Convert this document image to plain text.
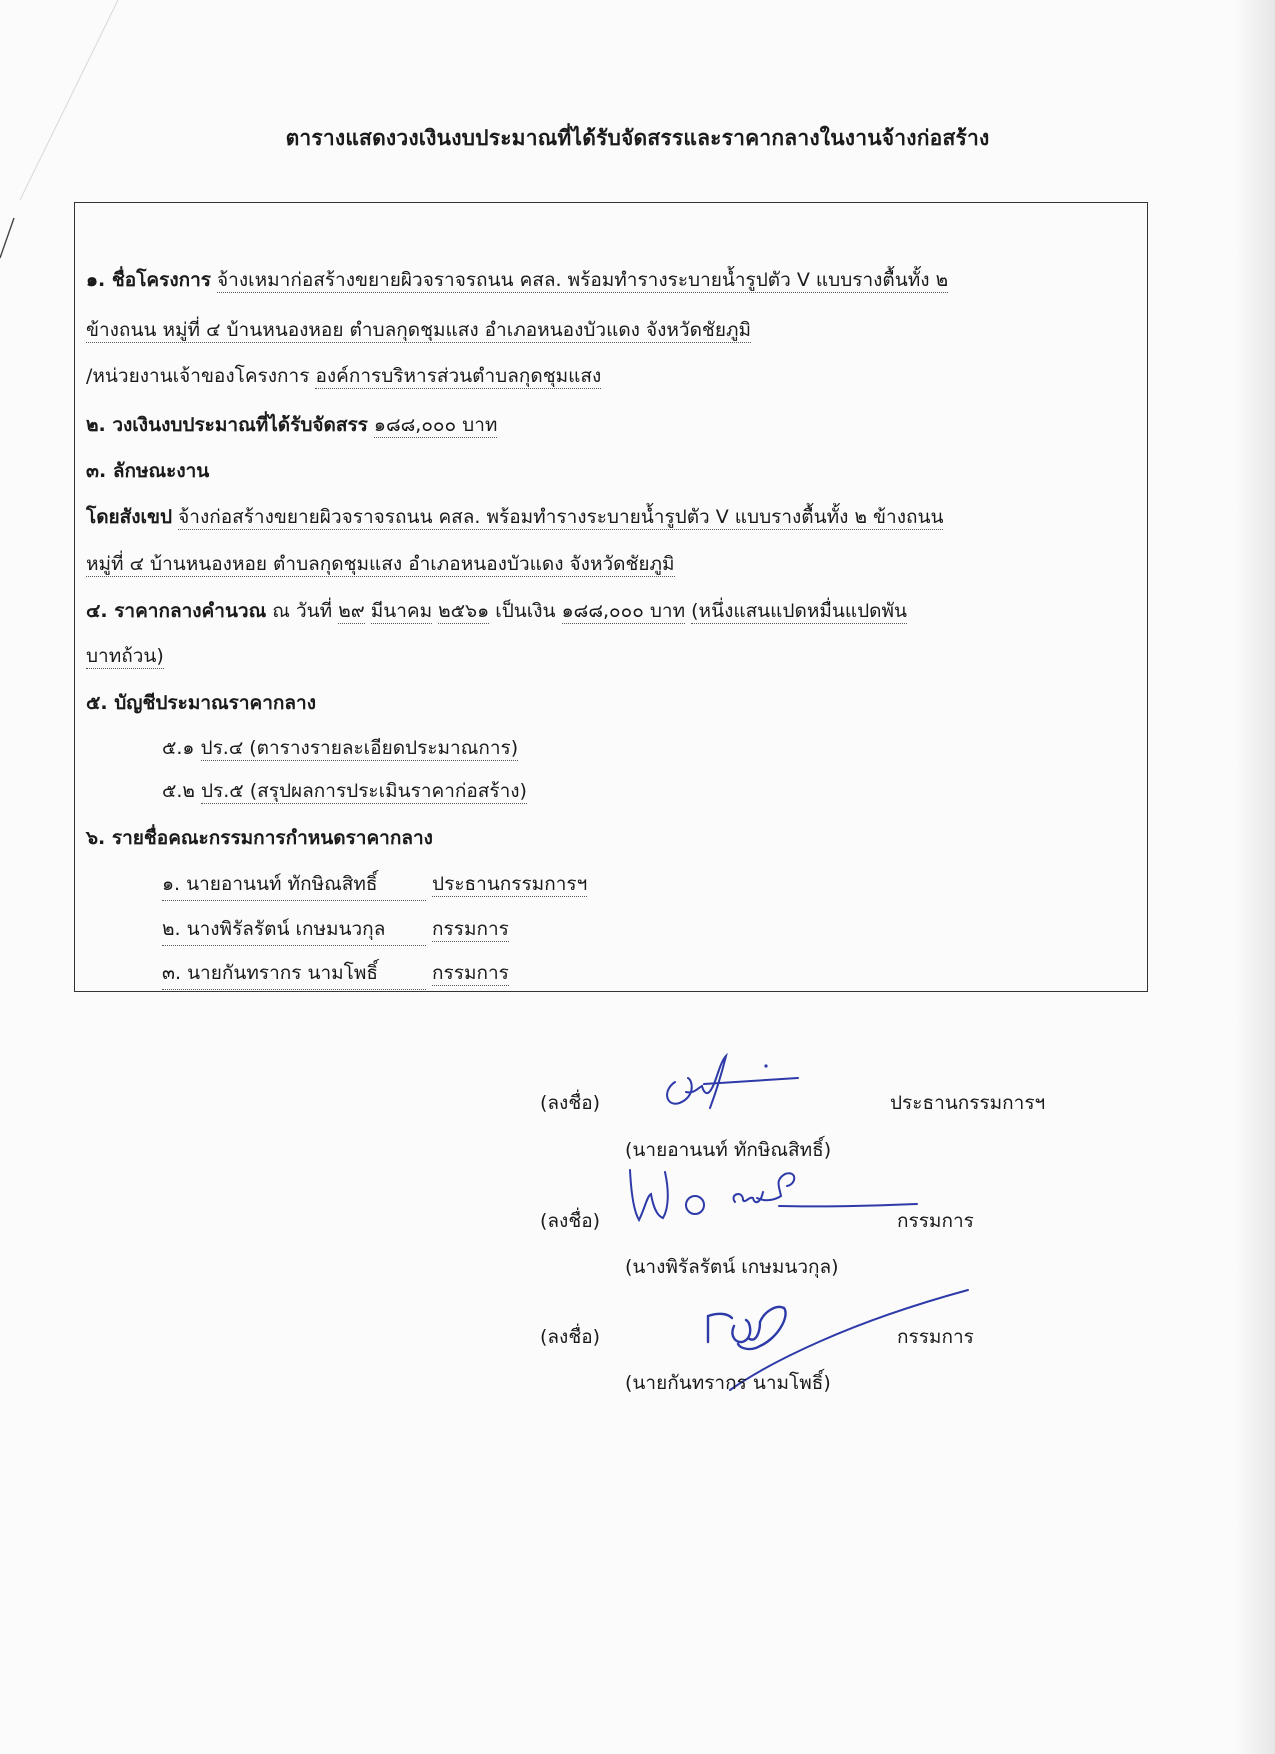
ตารางแสดงวงเงินงบประมาณที่ได้รับจัดสรรและราคากลางในงานจ้างก่อสร้าง
๑. ชื่อโครงการ จ้างเหมาก่อสร้างขยายผิวจราจรถนน คสล. พร้อมทำรางระบายน้ำรูปตัว V แบบรางตื้นทั้ง ๒
ข้างถนน หมู่ที่ ๔ บ้านหนองหอย ตำบลกุดชุมแสง อำเภอหนองบัวแดง จังหวัดชัยภูมิ
/หน่วยงานเจ้าของโครงการ องค์การบริหารส่วนตำบลกุดชุมแสง
๒. วงเงินงบประมาณที่ได้รับจัดสรร ๑๘๘,๐๐๐ บาท
๓. ลักษณะงาน
โดยสังเขป จ้างก่อสร้างขยายผิวจราจรถนน คสล. พร้อมทำรางระบายน้ำรูปตัว V แบบรางตื้นทั้ง ๒ ข้างถนน
หมู่ที่ ๔ บ้านหนองหอย ตำบลกุดชุมแสง อำเภอหนองบัวแดง จังหวัดชัยภูมิ
๔. ราคากลางคำนวณ ณ วันที่ ๒๙ มีนาคม ๒๕๖๑ เป็นเงิน ๑๘๘,๐๐๐ บาท (หนึ่งแสนแปดหมื่นแปดพัน
บาทถ้วน)
๕. บัญชีประมาณราคากลาง
๕.๑ ปร.๔ (ตารางรายละเอียดประมาณการ)
๕.๒ ปร.๕ (สรุปผลการประเมินราคาก่อสร้าง)
๖. รายชื่อคณะกรรมการกำหนดราคากลาง
๑. นายอานนท์ ทักษิณสิทธิ์	ประธานกรรมการฯ
๒. นางพิรัลรัตน์ เกษมนวกุล กรรมการ
๓. นายกันทรากร นามโพธิ์	กรรมการ
(ลงชื่อ)	ประธานกรรมการฯ
(นายอานนท์ ทักษิณสิทธิ์)
(ลงชื่อ)	กรรมการ
(นางพิรัลรัตน์ เกษมนวกุล)
(ลงชื่อ)	กรรมการ
(นายกันทรากร นามโพธิ์)
